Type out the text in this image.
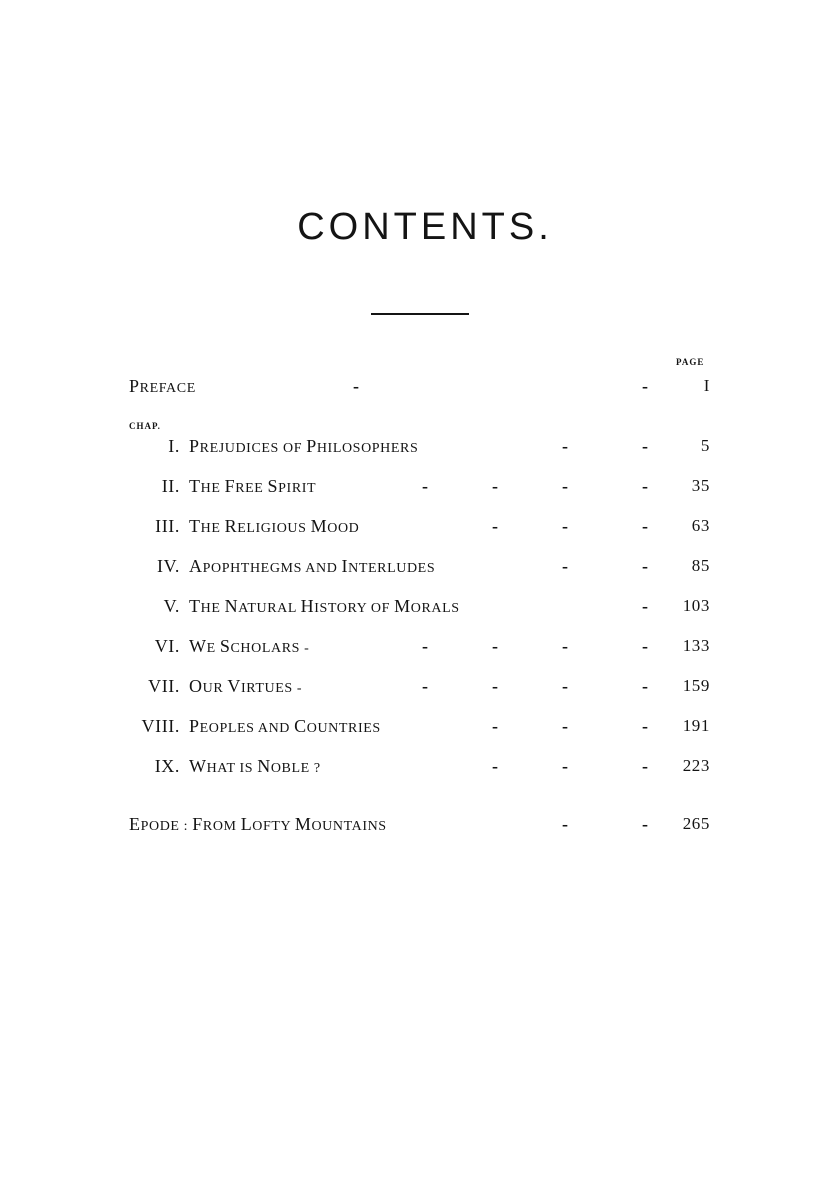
CONTENTS.
PAGE
CHAP.
PREFACE	-	-	I
I. PREJUDICES OF PHILOSOPHERS	-	-	5
II. THE FREE SPIRIT	-	-	-	-	35
III. THE RELIGIOUS MOOD	-	-	-	63
IV. APOPHTHEGMS AND INTERLUDES	-	-	85
V. THE NATURAL HISTORY OF MORALS	- 103
VI. WE SCHOLARS -	-	-	-	- 133
VII. OUR VIRTUES -	-	-	-	- 159
VIII. PEOPLES AND COUNTRIES	-	-	- 191
IX. WHAT IS NOBLE ?	-	-	- 223
EPODE : FROM LOFTY MOUNTAINS	-	- 265
